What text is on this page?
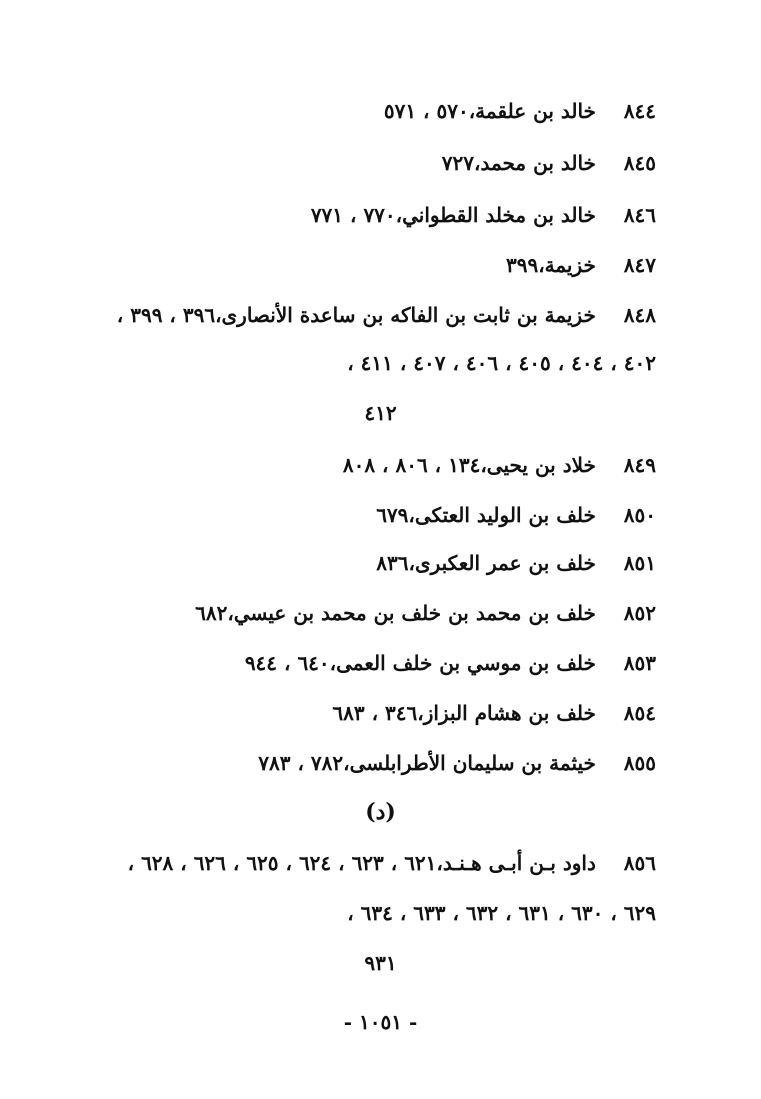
٨٤٤    خالد بن علقمة،٥٧٠ ، ٥٧١
٨٤٥    خالد بن محمد،٧٢٧
٨٤٦    خالد بن مخلد القطواني،٧٧٠ ، ٧٧١
٨٤٧    خزيمة،٣٩٩
٨٤٨    خزيمة بن ثابت بن الفاكه بن ساعدة الأنصارى،٣٩٦ ، ٣٩٩ ،
٤٠٢ ، ٤٠٤ ، ٤٠٥ ، ٤٠٦ ، ٤٠٧ ، ٤١١ ،
٤١٢
٨٤٩    خلاد بن يحيى،١٣٤ ، ٨٠٦ ، ٨٠٨
٨٥٠    خلف بن الوليد العتكى،٦٧٩
٨٥١    خلف بن عمر العكبرى،٨٣٦
٨٥٢    خلف بن محمد بن خلف بن محمد بن عيسي،٦٨٢
٨٥٣    خلف بن موسي بن خلف العمى،٦٤٠ ، ٩٤٤
٨٥٤    خلف بن هشام البزاز،٣٤٦ ، ٦٨٣
٨٥٥    خيثمة بن سليمان الأطرابلسى،٧٨٢ ، ٧٨٣
(د)
٨٥٦    داود بـن أبـى هـنـد،٦٢١ ، ٦٢٣ ، ٦٢٤ ، ٦٢٥ ، ٦٢٦ ، ٦٢٨ ،
٦٢٩ ، ٦٣٠ ، ٦٣١ ، ٦٣٢ ، ٦٣٣ ، ٦٣٤ ،
٩٣١
- ١٠٥١ -
